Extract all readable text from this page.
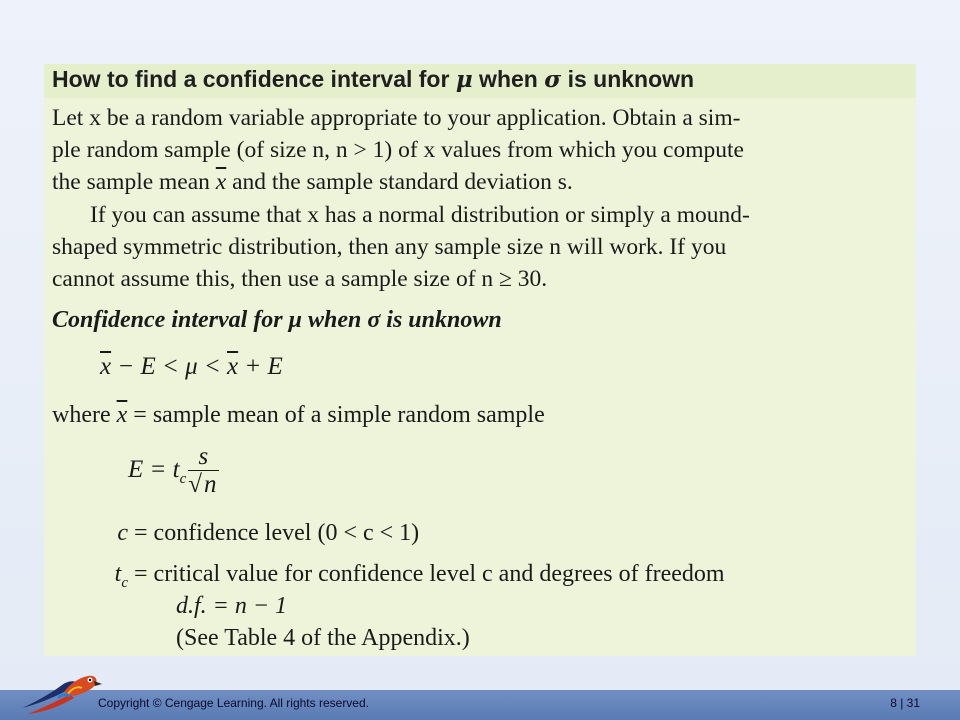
How to find a confidence interval for μ when σ is unknown
Let x be a random variable appropriate to your application. Obtain a sim-
ple random sample (of size n, n > 1) of x values from which you compute
the sample mean $\overline{x}$ and the sample standard deviation s.
If you can assume that x has a normal distribution or simply a mound-
shaped symmetric distribution, then any sample size n will work. If you
cannot assume this, then use a sample size of n ≥ 30.
Confidence interval for μ when σ is unknown
$\overline{x} - E < \mu < \overline{x} + E$
where $\overline{x}$ = sample mean of a simple random sample
$E = t_c \frac{s}{√n}$
c = confidence level (0 < c < 1)
$t_c$ = critical value for confidence level c and degrees of freedom
d.f. = n − 1
(See Table 4 of the Appendix.)
Copyright © Cengage Learning. All rights reserved.	8 | 31
